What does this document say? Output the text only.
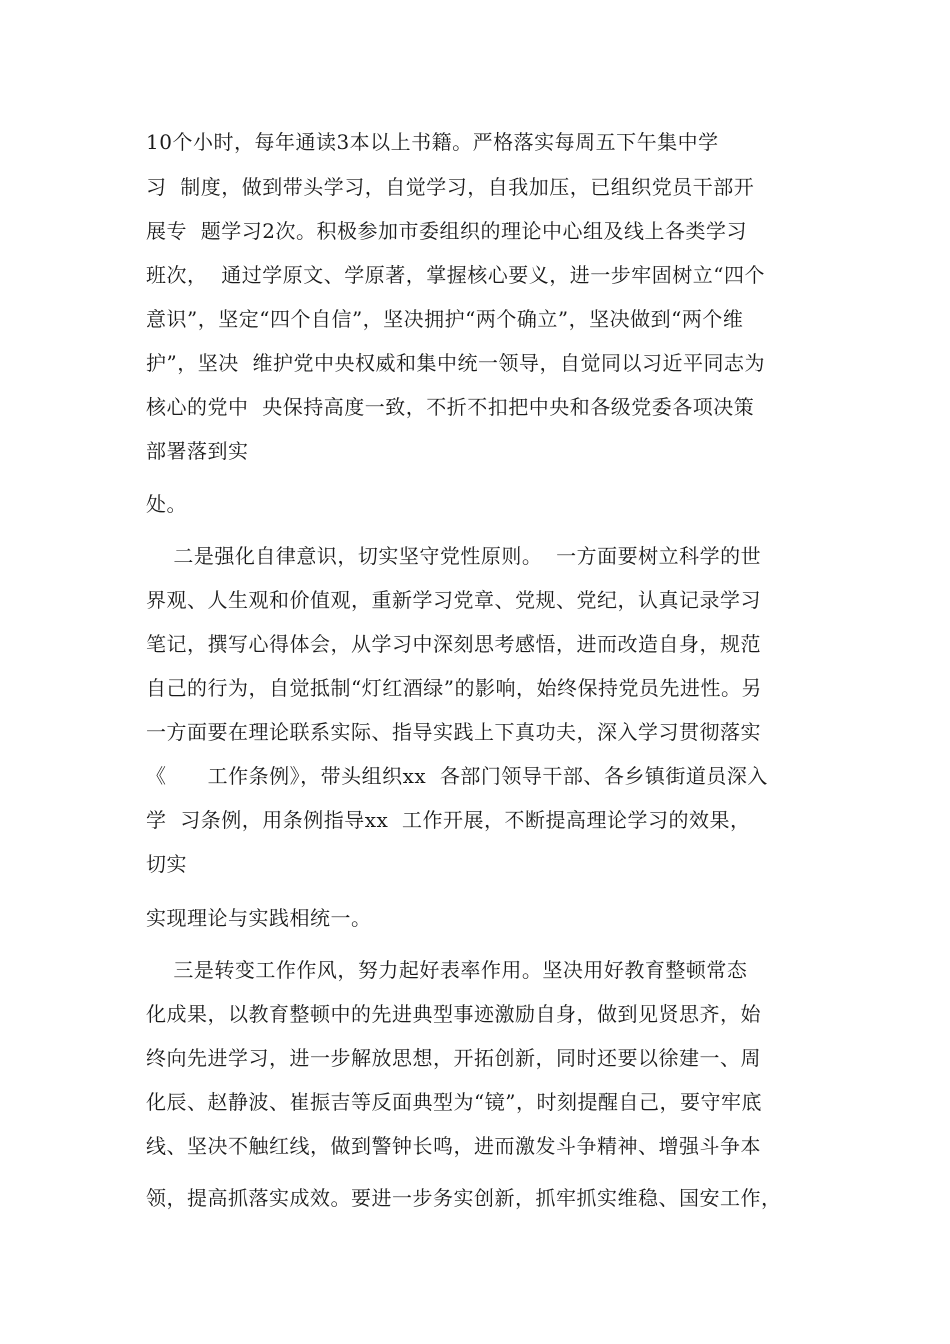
10个小时，每年通读3本以上书籍。严格落实每周五下午集中学
习  制度，做到带头学习，自觉学习，自我加压，已组织党员干部开
展专  题学习2次。积极参加市委组织的理论中心组及线上各类学习
班次，  通过学原文、学原著，掌握核心要义，进一步牢固树立“四个
意识”，坚定“四个自信”，坚决拥护“两个确立”，坚决做到“两个维
护”，坚决  维护党中央权威和集中统一领导，自觉同以习近平同志为
核心的党中  央保持高度一致，不折不扣把中央和各级党委各项决策
部署落到实
处。
二是强化自律意识，切实坚守党性原则。  一方面要树立科学的世
界观、人生观和价值观，重新学习党章、党规、党纪，认真记录学习
笔记，撰写心得体会，从学习中深刻思考感悟，进而改造自身，规范
自己的行为，自觉抵制“灯红酒绿”的影响，始终保持党员先进性。另
一方面要在理论联系实际、指导实践上下真功夫，深入学习贯彻落实
《      工作条例》，带头组织xx  各部门领导干部、各乡镇街道员深入
学  习条例，用条例指导xx  工作开展，不断提高理论学习的效果，
切实
实现理论与实践相统一。
三是转变工作作风，努力起好表率作用。坚决用好教育整顿常态
化成果，以教育整顿中的先进典型事迹激励自身，做到见贤思齐，始
终向先进学习，进一步解放思想，开拓创新，同时还要以徐建一、周
化辰、赵静波、崔振吉等反面典型为“镜”，时刻提醒自己，要守牢底
线、坚决不触红线，做到警钟长鸣，进而激发斗争精神、增强斗争本
领，提高抓落实成效。要进一步务实创新，抓牢抓实维稳、国安工作，
